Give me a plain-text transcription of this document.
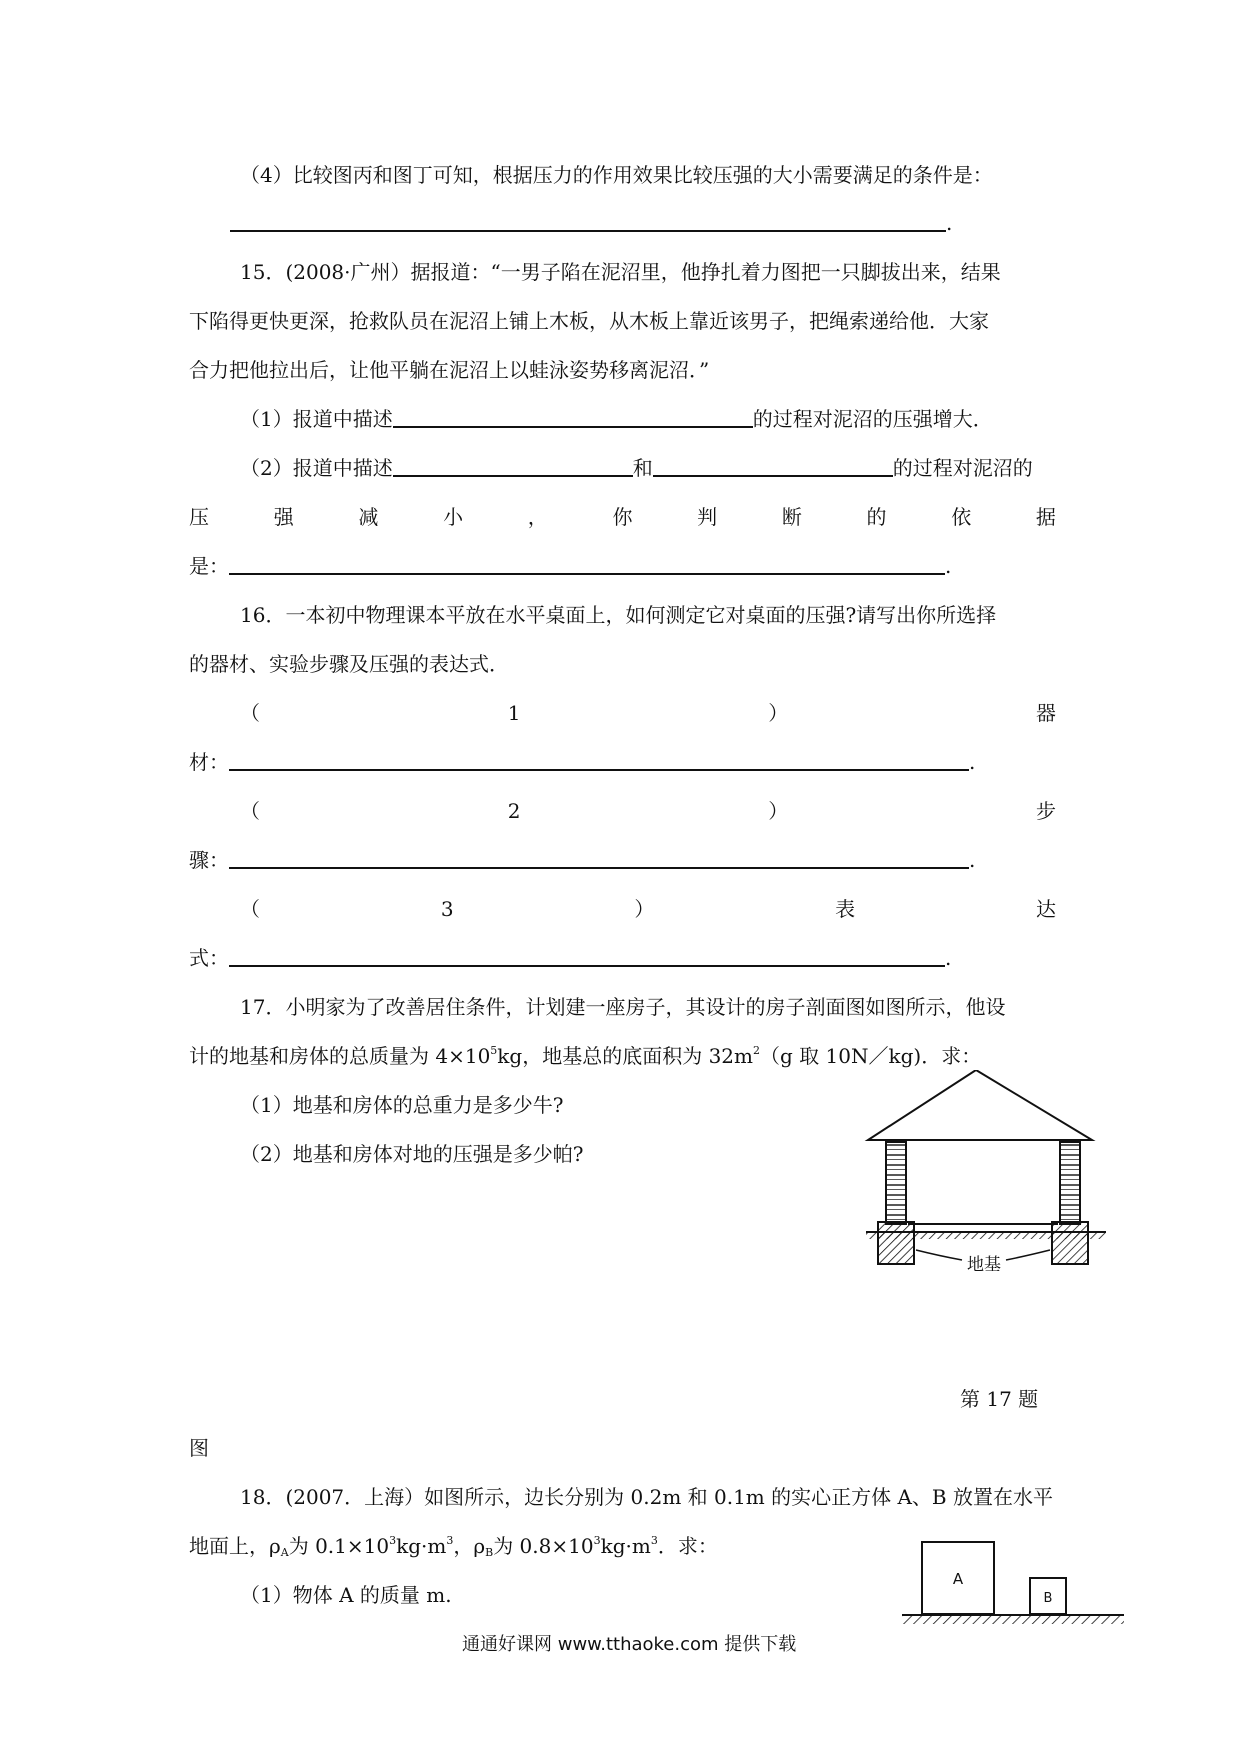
（4）比较图丙和图丁可知，根据压力的作用效果比较压强的大小需要满足的条件是：
.
15．(2008·广州）据报道：“一男子陷在泥沼里，他挣扎着力图把一只脚拔出来，结果
下陷得更快更深，抢救队员在泥沼上铺上木板，从木板上靠近该男子，把绳索递给他．大家
合力把他拉出后，让他平躺在泥沼上以蛙泳姿势移离泥沼．”
（1）报道中描述	的过程对泥沼的压强增大．
（2）报道中描述	和	的过程对泥沼的
压	强	减	小	，	你	判	断	的	依	据
是：	.
16．一本初中物理课本平放在水平桌面上，如何测定它对桌面的压强?请写出你所选择
的器材、实验步骤及压强的表达式．
（	1	）	器
材：	.
（	2	）	步
骤：	.
（	3	）	表	达
式：	.
17．小明家为了改善居住条件，计划建一座房子，其设计的房子剖面图如图所示，他设
计的地基和房体的总质量为 $4\times 10^5kg$，地基总的底面积为 $32m^2(g$ 取 10N／kg)．求：
（1）地基和房体的总重力是多少牛?
（2）地基和房体对地的压强是多少帕?
地基
第 17 题
图
18．(2007．上海）如图所示，边长分别为 0.2m 和 0.1m 的实心正方体 A、B 放置在水平
地面上，$\rho_A$为 $0.1\times 10^3kg\cdot m^3$，$\rho_B$为 $0.8\times 10^3kg\cdot m^3$．求：
（1）物体 A 的质量 m.
A
B
通通好课网 www.tthaoke.com 提供下载
